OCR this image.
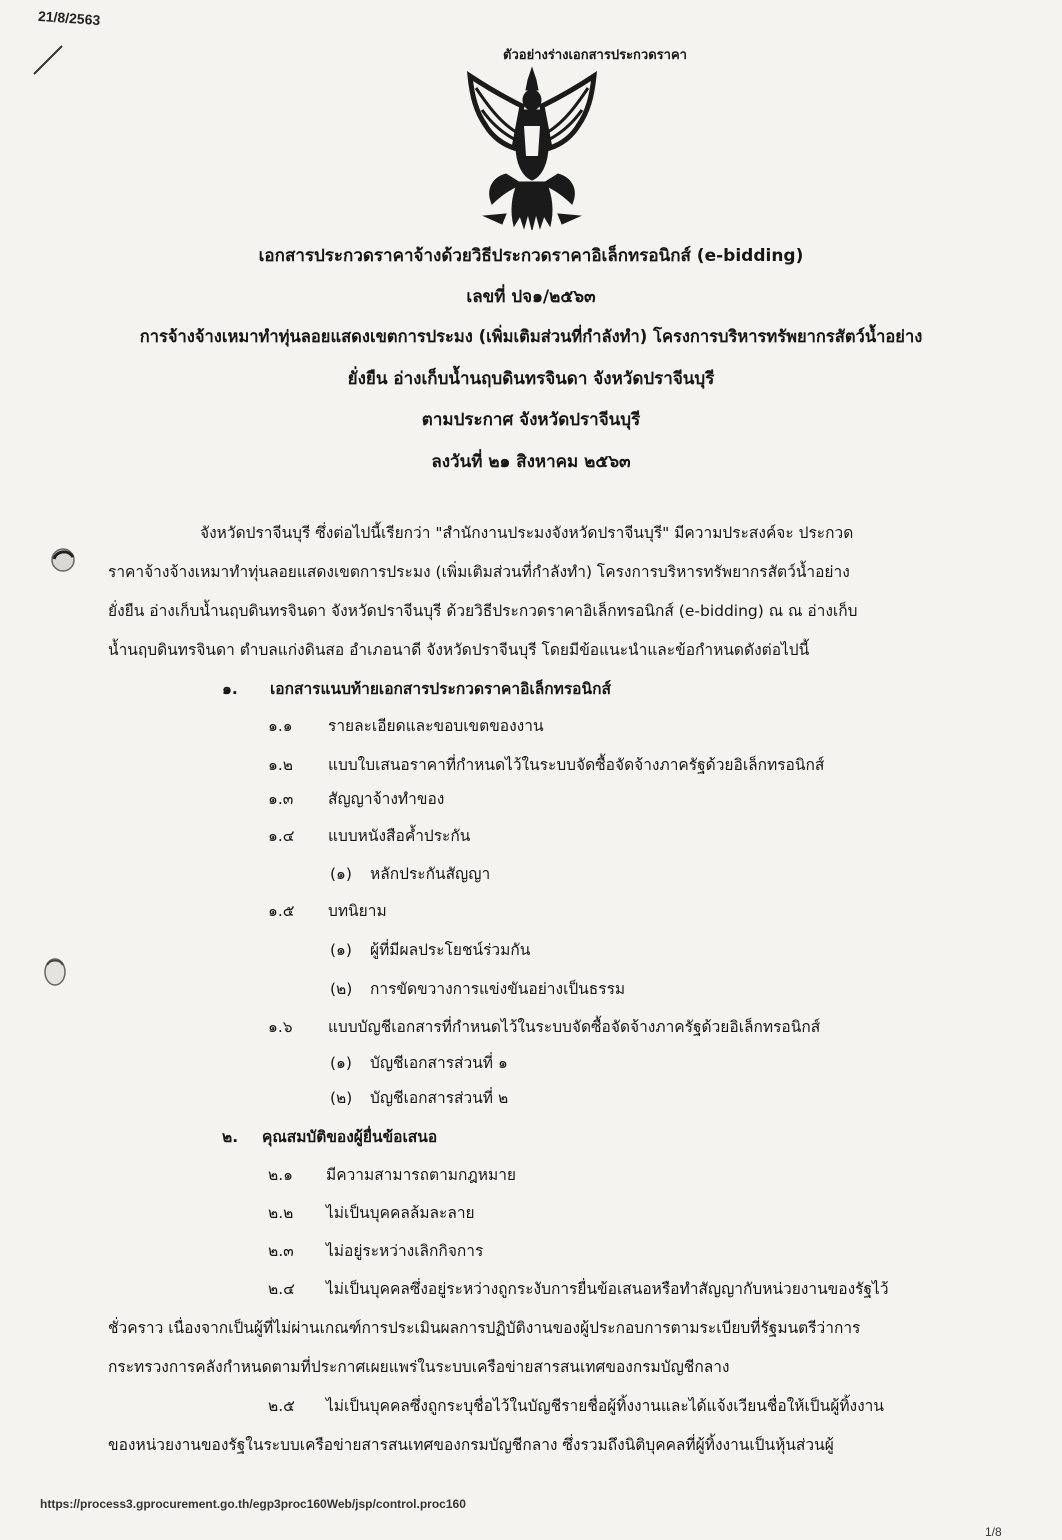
21/8/2563
ตัวอย่างร่างเอกสารประกวดราคา
เอกสารประกวดราคาจ้างด้วยวิธีประกวดราคาอิเล็กทรอนิกส์ (e-bidding)
เลขที่ ปจ๑/๒๕๖๓
การจ้างจ้างเหมาทำทุ่นลอยแสดงเขตการประมง (เพิ่มเติมส่วนที่กำลังทำ) โครงการบริหารทรัพยากรสัตว์น้ำอย่าง
ยั่งยืน อ่างเก็บน้ำนฤบดินทรจินดา จังหวัดปราจีนบุรี
ตามประกาศ จังหวัดปราจีนบุรี
ลงวันที่ ๒๑ สิงหาคม ๒๕๖๓
จังหวัดปราจีนบุรี ซึ่งต่อไปนี้เรียกว่า "สำนักงานประมงจังหวัดปราจีนบุรี" มีความประสงค์จะ ประกวด
ราคาจ้างจ้างเหมาทำทุ่นลอยแสดงเขตการประมง (เพิ่มเติมส่วนที่กำลังทำ) โครงการบริหารทรัพยากรสัตว์น้ำอย่าง
ยั่งยืน อ่างเก็บน้ำนฤบดินทรจินดา จังหวัดปราจีนบุรี ด้วยวิธีประกวดราคาอิเล็กทรอนิกส์ (e-bidding) ณ ณ อ่างเก็บ
น้ำนฤบดินทรจินดา ตำบลแก่งดินสอ อำเภอนาดี จังหวัดปราจีนบุรี โดยมีข้อแนะนำและข้อกำหนดดังต่อไปนี้
๑. เอกสารแนบท้ายเอกสารประกวดราคาอิเล็กทรอนิกส์
๑.๑ รายละเอียดและขอบเขตของงาน
๑.๒ แบบใบเสนอราคาที่กำหนดไว้ในระบบจัดซื้อจัดจ้างภาครัฐด้วยอิเล็กทรอนิกส์
๑.๓ สัญญาจ้างทำของ
๑.๔ แบบหนังสือค้ำประกัน
(๑) หลักประกันสัญญา
๑.๕ บทนิยาม
(๑) ผู้ที่มีผลประโยชน์ร่วมกัน
(๒) การขัดขวางการแข่งขันอย่างเป็นธรรม
๑.๖ แบบบัญชีเอกสารที่กำหนดไว้ในระบบจัดซื้อจัดจ้างภาครัฐด้วยอิเล็กทรอนิกส์
(๑) บัญชีเอกสารส่วนที่ ๑
(๒) บัญชีเอกสารส่วนที่ ๒
๒. คุณสมบัติของผู้ยื่นข้อเสนอ
๒.๑ มีความสามารถตามกฎหมาย
๒.๒ ไม่เป็นบุคคลล้มละลาย
๒.๓ ไม่อยู่ระหว่างเลิกกิจการ
๒.๔ ไม่เป็นบุคคลซึ่งอยู่ระหว่างถูกระงับการยื่นข้อเสนอหรือทำสัญญากับหน่วยงานของรัฐไว้
ชั่วคราว เนื่องจากเป็นผู้ที่ไม่ผ่านเกณฑ์การประเมินผลการปฏิบัติงานของผู้ประกอบการตามระเบียบที่รัฐมนตรีว่าการ
กระทรวงการคลังกำหนดตามที่ประกาศเผยแพร่ในระบบเครือข่ายสารสนเทศของกรมบัญชีกลาง
๒.๕ ไม่เป็นบุคคลซึ่งถูกระบุชื่อไว้ในบัญชีรายชื่อผู้ทิ้งงานและได้แจ้งเวียนชื่อให้เป็นผู้ทิ้งงาน
ของหน่วยงานของรัฐในระบบเครือข่ายสารสนเทศของกรมบัญชีกลาง ซึ่งรวมถึงนิติบุคคลที่ผู้ทิ้งงานเป็นหุ้นส่วนผู้
https://process3.gprocurement.go.th/egp3proc160Web/jsp/control.proc160
1/8
